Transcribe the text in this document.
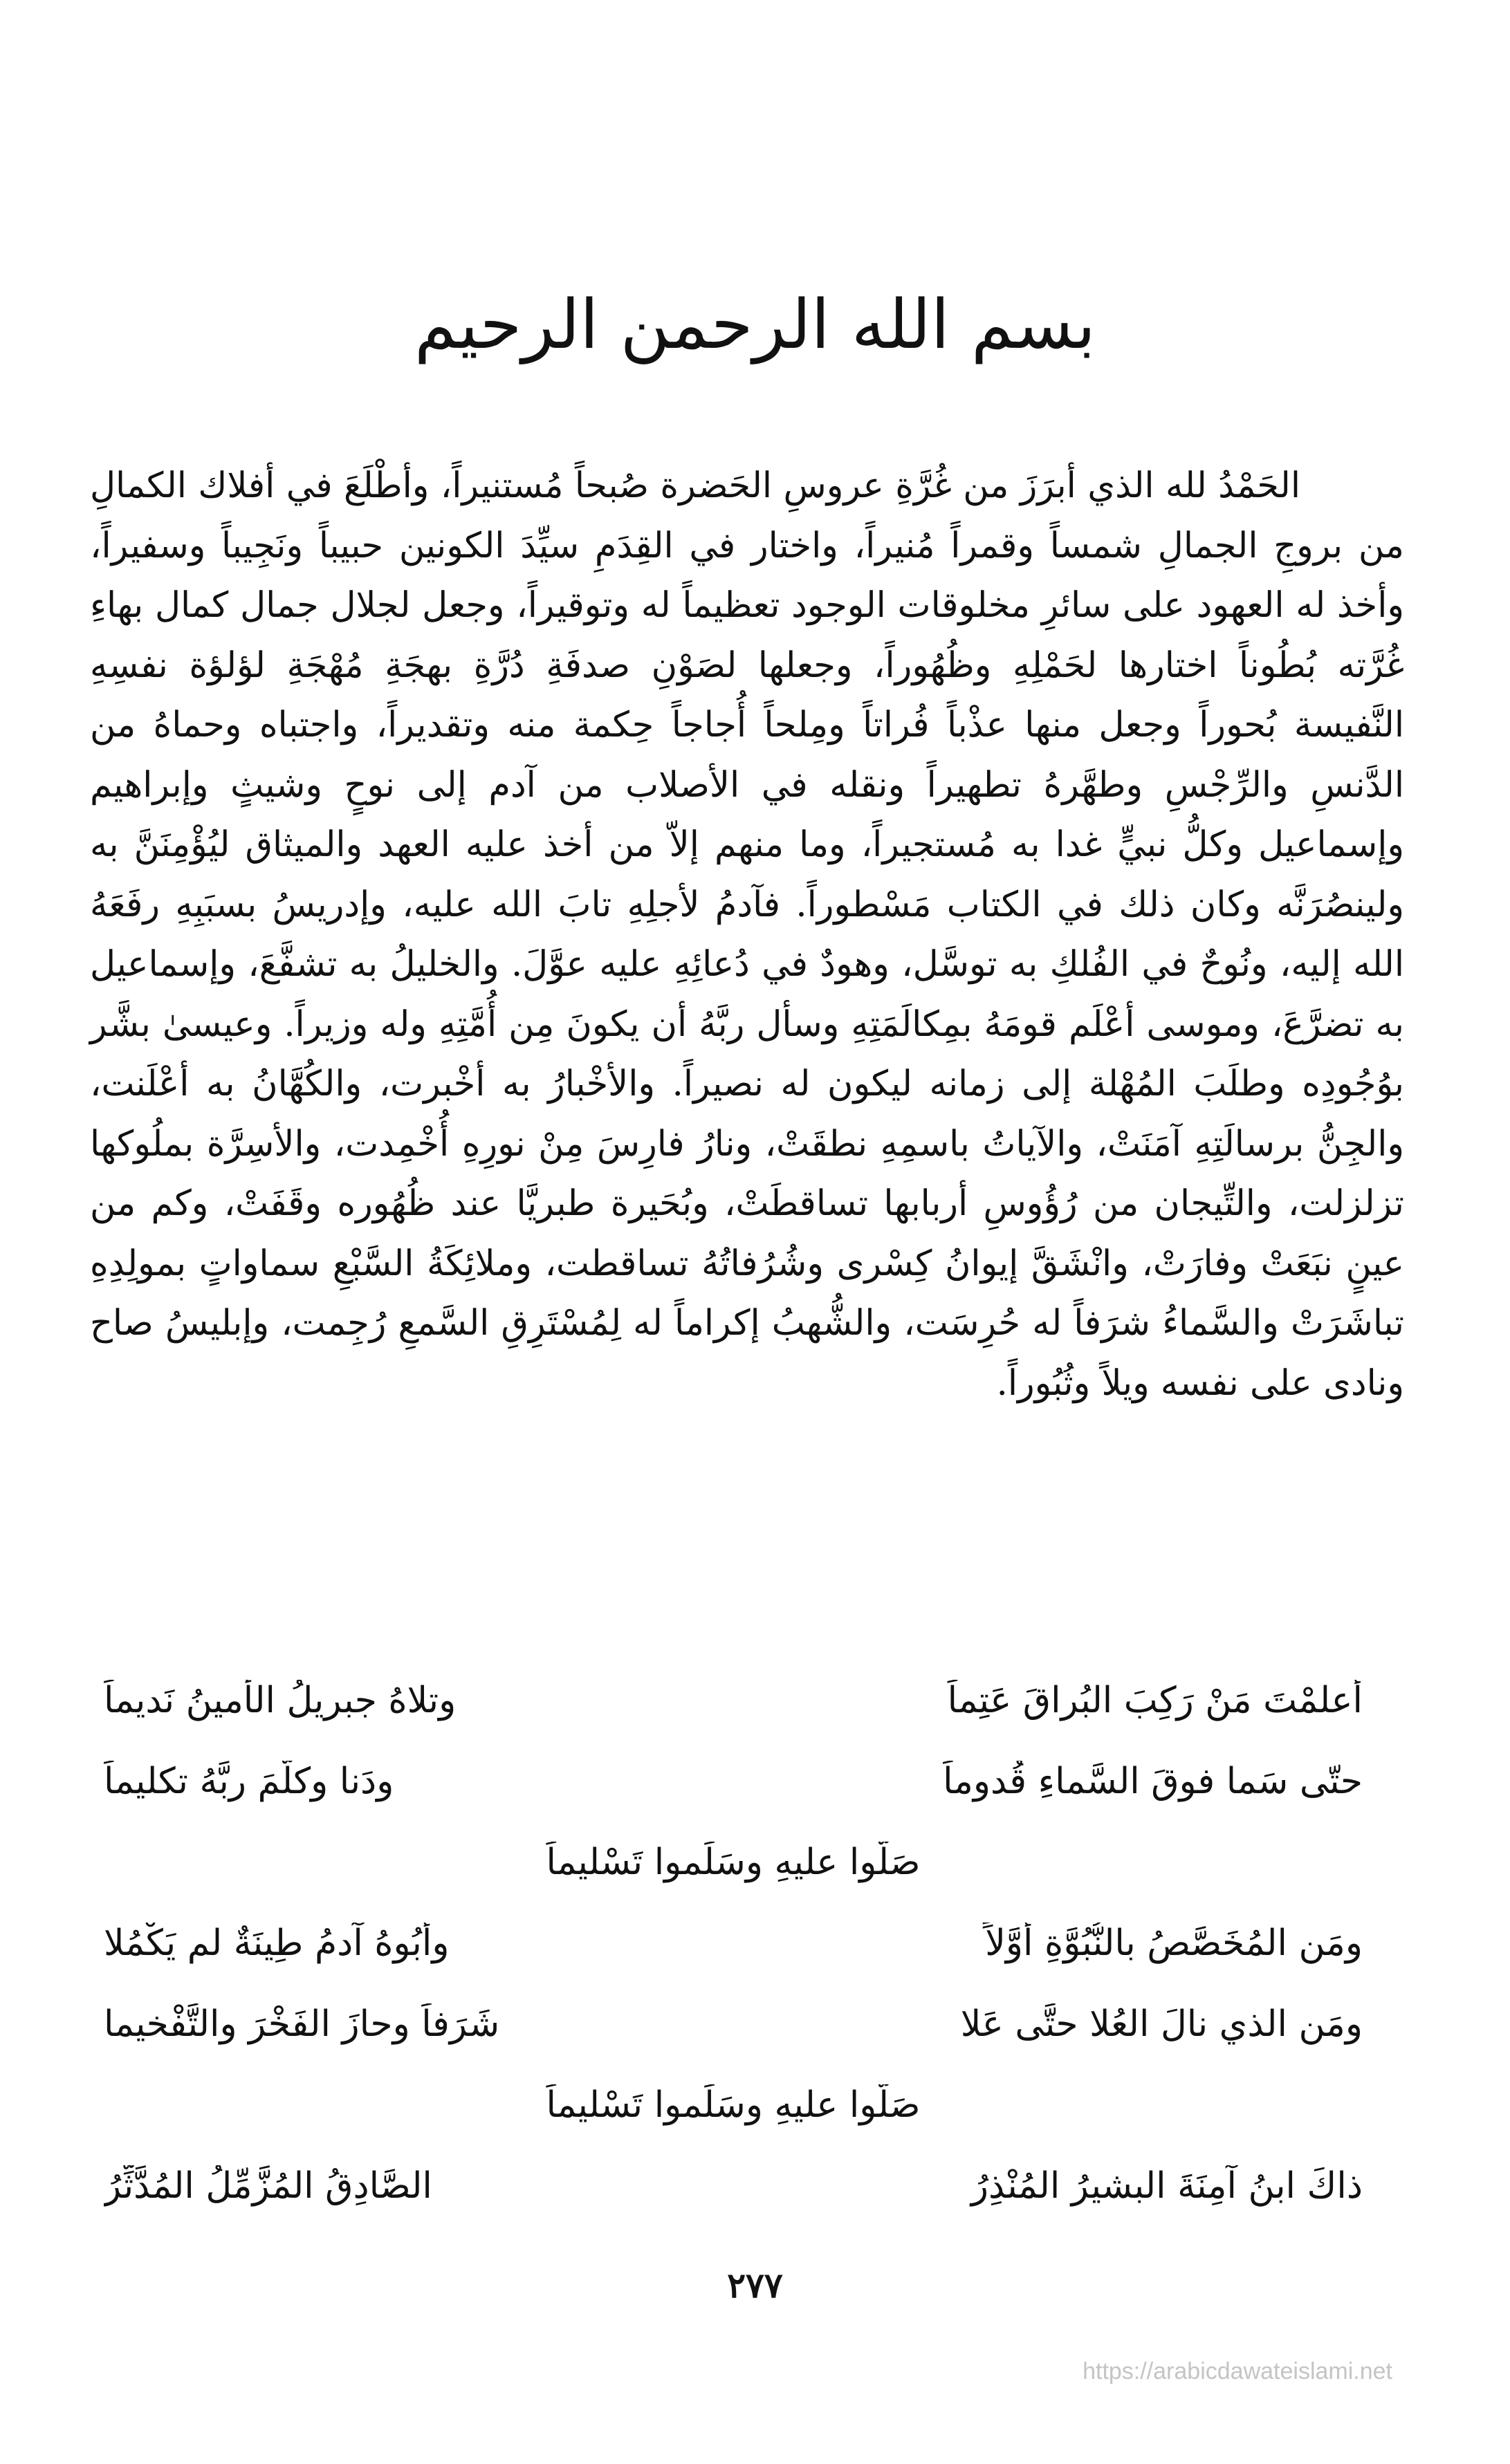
بسم الله الرحمن الرحيم

الحَمْدُ لله الذي أبرَزَ من غُرَّةِ عروسِ الحَضرة صُبحاً مُستنيراً، وأطْلَعَ في أفلاك الكمالِ من بروجِ الجمالِ شمساً وقمراً مُنيراً، واختار في القِدَمِ سيِّدَ الكونين حبيباً ونَجِيباً وسفيراً، وأخذ له العهود على سائرِ مخلوقات الوجود تعظيماً له وتوقيراً، وجعل لجلال جمال كمال بهاءِ غُرَّته بُطُوناً اختارها لحَمْلِهِ وظُهُوراً، وجعلها لصَوْنِ صدفَةِ دُرَّةِ بهجَةِ مُهْجَةِ لؤلؤة نفسِهِ النَّفيسة بُحوراً وجعل منها عذْباً فُراتاً ومِلحاً أُجاجاً حِكمة منه وتقديراً، واجتباه وحماهُ من الدَّنسِ والرِّجْسِ وطهَّرهُ تطهيراً ونقله في الأصلاب من آدم إلى نوحٍ وشيثٍ وإبراهيم وإسماعيل وكلُّ نبيٍّ غدا به مُستجيراً، وما منهم إلاّ من أخذ عليه العهد والميثاق ليُؤْمِنَنَّ به ولينصُرَنَّه وكان ذلك في الكتاب مَسْطوراً. فآدمُ لأجلِهِ تابَ الله عليه، وإدريسُ بسبَبِهِ رفَعَهُ الله إليه، ونُوحٌ في الفُلكِ به توسَّل، وهودٌ في دُعائِهِ عليه عوَّلَ. والخليلُ به تشفَّعَ، وإسماعيل به تضرَّعَ، وموسى أعْلَم قومَهُ بمِكالَمَتِهِ وسأل ربَّهُ أن يكونَ مِن أُمَّتِهِ وله وزيراً. وعيسىٰ بشَّر بوُجُودِه وطلَبَ المُهْلة إلى زمانه ليكون له نصيراً. والأخْبارُ به أخْبرت، والكُهَّانُ به أعْلَنت، والجِنُّ برسالَتِهِ آمَنَتْ، والآياتُ باسمِهِ نطقَتْ، ونارُ فارِسَ مِنْ نورِهِ أُخْمِدت، والأسِرَّة بملُوكها تزلزلت، والتِّيجان من رُؤُوسِ أربابها تساقطَتْ، وبُحَيرة طبريَّا عند ظُهُوره وقَفَتْ، وكم من عينٍ نبَعَتْ وفارَتْ، وانْشَقَّ إيوانُ كِسْرى وشُرُفاتُهُ تساقطت، وملائِكَةُ السَّبْعِ سماواتٍ بمولِدِهِ تباشَرَتْ والسَّماءُ شرَفاً له حُرِسَت، والشُّهبُ إكراماً له لِمُسْتَرِقِ السَّمعِ رُجِمت، وإبليسُ صاح ونادى على نفسه ويلاً وثُبُوراً.

أعلمْتَ مَنْ رَكِبَ البُراقَ عَتِماً
وتلاهُ جبريلُ الأمينُ نَديماً
حتّى سَما فوقَ السَّماءِ قُدوماً
ودَنا وكلَّمَ ربَّهُ تكليماً
صَلُّوا عليهِ وسَلِّموا تَسْليماً
ومَنِ المُخَصَّصُ بالنُّبُوَّةِ أوَّلاً
وأبُوهُ آدمُ طِينَةٌ لم يَكْمُلا
ومَنِ الذي نالَ العُلا حتَّى عَلا
شَرَفاً وحازَ الفَخْرَ والتَّفْخيما
صَلُّوا عليهِ وسَلِّموا تَسْليماً
ذاكَ ابنُ آمِنَةَ البشيرُ المُنْذِرُ
الصَّادِقُ المُزَّمِّلُ المُدَّثِّرُ
٢٧٧
https://arabicdawateislami.net
